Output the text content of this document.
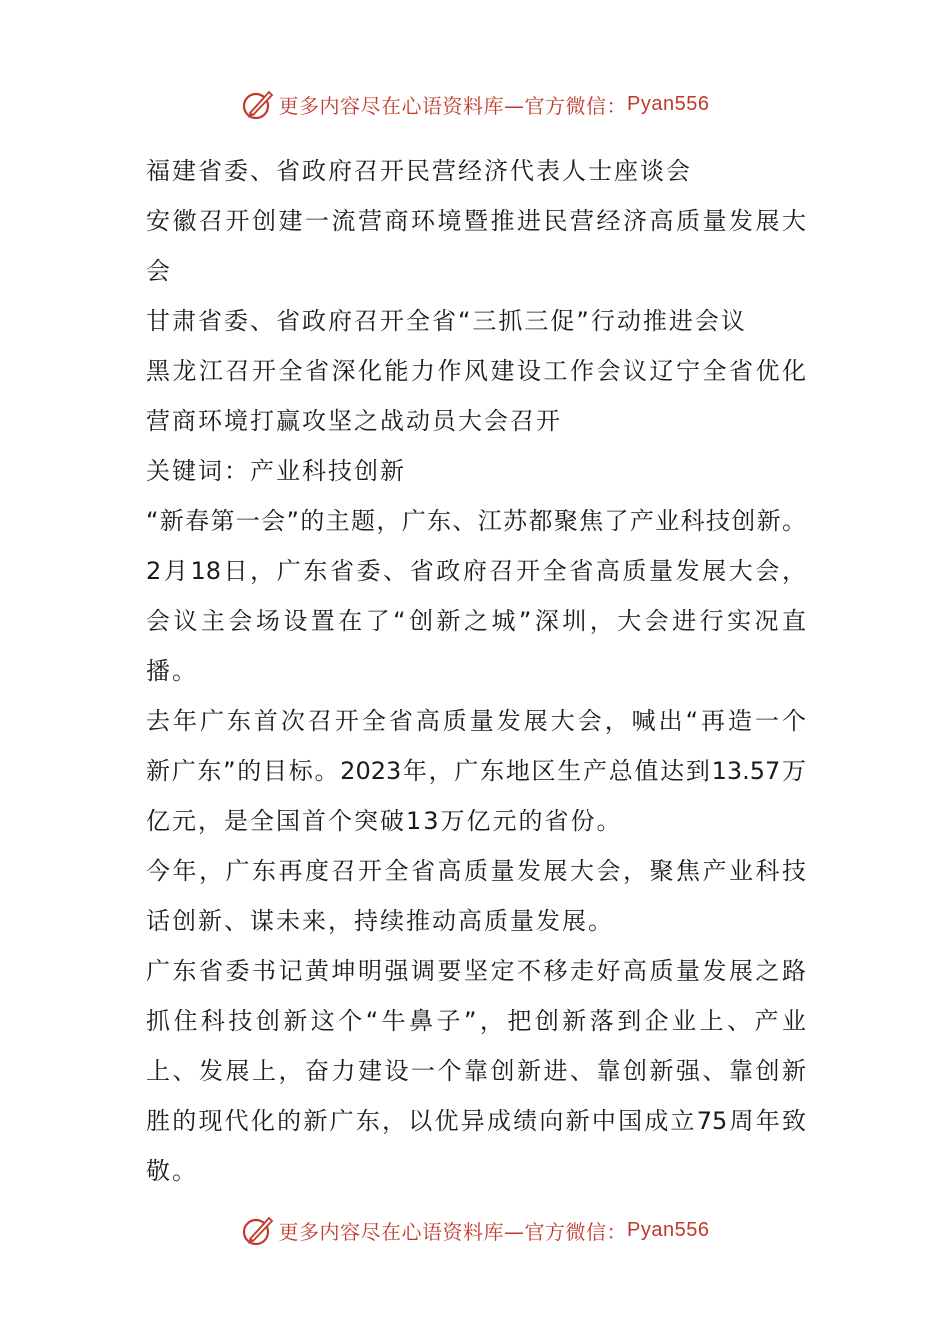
更多内容尽在心语资料库—官方微信： Pyan556
福建省委、省政府召开民营经济代表人士座谈会
安徽召开创建一流营商环境暨推进民营经济高质量发展大
会
甘肃省委、省政府召开全省“三抓三促”行动推进会议
黑龙江召开全省深化能力作风建设工作会议辽宁全省优化
营商环境打赢攻坚之战动员大会召开
关键词：产业科技创新
“新春第一会”的主题，广东、江苏都聚焦了产业科技创新。
2月18日，广东省委、省政府召开全省高质量发展大会，
会议主会场设置在了“创新之城”深圳，大会进行实况直
播。
去年广东首次召开全省高质量发展大会，喊出“再造一个
新广东”的目标。2023年，广东地区生产总值达到13.57万
亿元，是全国首个突破13万亿元的省份。
今年，广东再度召开全省高质量发展大会，聚焦产业科技
话创新、谋未来，持续推动高质量发展。
广东省委书记黄坤明强调要坚定不移走好高质量发展之路
抓住科技创新这个“牛鼻子”，把创新落到企业上、产业
上、发展上，奋力建设一个靠创新进、靠创新强、靠创新
胜的现代化的新广东，以优异成绩向新中国成立75周年致
敬。
更多内容尽在心语资料库—官方微信： Pyan556
